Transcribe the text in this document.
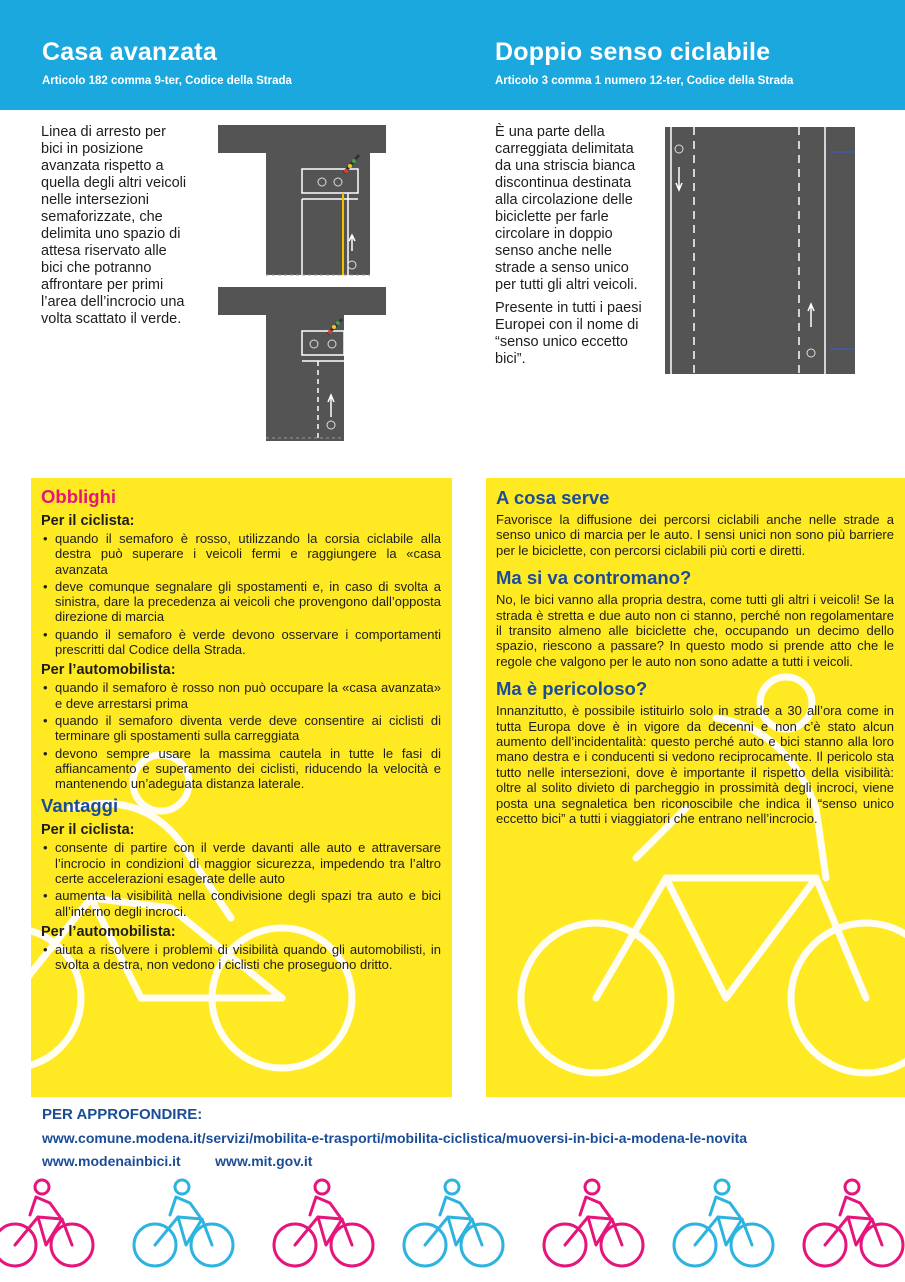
Casa avanzata
Articolo 182 comma 9-ter, Codice della Strada
Doppio senso ciclabile
Articolo 3 comma 1 numero 12-ter, Codice della Strada

Linea di arresto per bici in posizione avanzata rispetto a quella degli altri veicoli nelle intersezioni semaforizzate, che delimita uno spazio di attesa riservato alle bici che potranno affrontare per primi l’area dell’incrocio una volta scattato il verde.

È una parte della carreggiata delimitata da una striscia bianca discontinua destinata alla circolazione delle biciclette per farle circolare in doppio senso anche nelle strade a senso unico per tutti gli altri veicoli.

Presente in tutti i paesi Europei con il nome di “senso unico eccetto bici”.

Obblighi
Per il ciclista:
• quando il semaforo è rosso, utilizzando la corsia ciclabile alla destra può superare i veicoli fermi e raggiungere la «casa avanzata
• deve comunque segnalare gli spostamenti e, in caso di svolta a sinistra, dare la precedenza ai veicoli che provengono dall’opposta direzione di marcia
• quando il semaforo è verde devono osservare i comportamenti prescritti dal Codice della Strada.
Per l’automobilista:
• quando il semaforo è rosso non può occupare la «casa avanzata» e deve arrestarsi prima
• quando il semaforo diventa verde deve consentire ai ciclisti di terminare gli spostamenti sulla carreggiata
• devono sempre usare la massima cautela in tutte le fasi di affiancamento e superamento dei ciclisti, riducendo la velocità e mantenendo un’adeguata distanza laterale.
Vantaggi
Per il ciclista:
• consente di partire con il verde davanti alle auto e attraversare l’incrocio in condizioni di maggior sicurezza, impedendo tra l’altro certe accelerazioni esagerate delle auto
• aumenta la visibilità nella condivisione degli spazi tra auto e bici all’interno degli incroci.
Per l’automobilista:
• aiuta a risolvere i problemi di visibilità quando gli automobilisti, in svolta a destra, non vedono i ciclisti che proseguono dritto.
A cosa serve

Favorisce la diffusione dei percorsi ciclabili anche nelle strade a senso unico di marcia per le auto. I sensi unici non sono più barriere per le biciclette, con percorsi ciclabili più corti e diretti.

Ma si va contromano?

No, le bici vanno alla propria destra, come tutti gli altri i veicoli! Se la strada è stretta e due auto non ci stanno, perché non regolamentare il transito almeno alle biciclette che, occupando un decimo dello spazio, riescono a passare? In questo modo si prende atto che le regole che valgono per le auto non sono adatte a tutti i veicoli.

Ma è pericoloso?

Innanzitutto, è possibile istituirlo solo in strade a 30 all’ora come in tutta Europa dove è in vigore da decenni e non c’è stato alcun aumento dell’incidentalità: questo perché auto e bici stanno alla loro mano destra e i conducenti si vedono reciprocamente. Il pericolo sta tutto nelle intersezioni, dove è importante il rispetto della visibilità: oltre al solito divieto di parcheggio in prossimità degli incroci, viene posta una segnaletica ben riconoscibile che indica il “senso unico eccetto bici” a tutti i viaggiatori che entrano nell’incrocio.

PER APPROFONDIRE:
www.comune.modena.it/servizi/mobilita-e-trasporti/mobilita-ciclistica/muoversi-in-bici-a-modena-le-novita
www.modenainbici.it www.mit.gov.it
